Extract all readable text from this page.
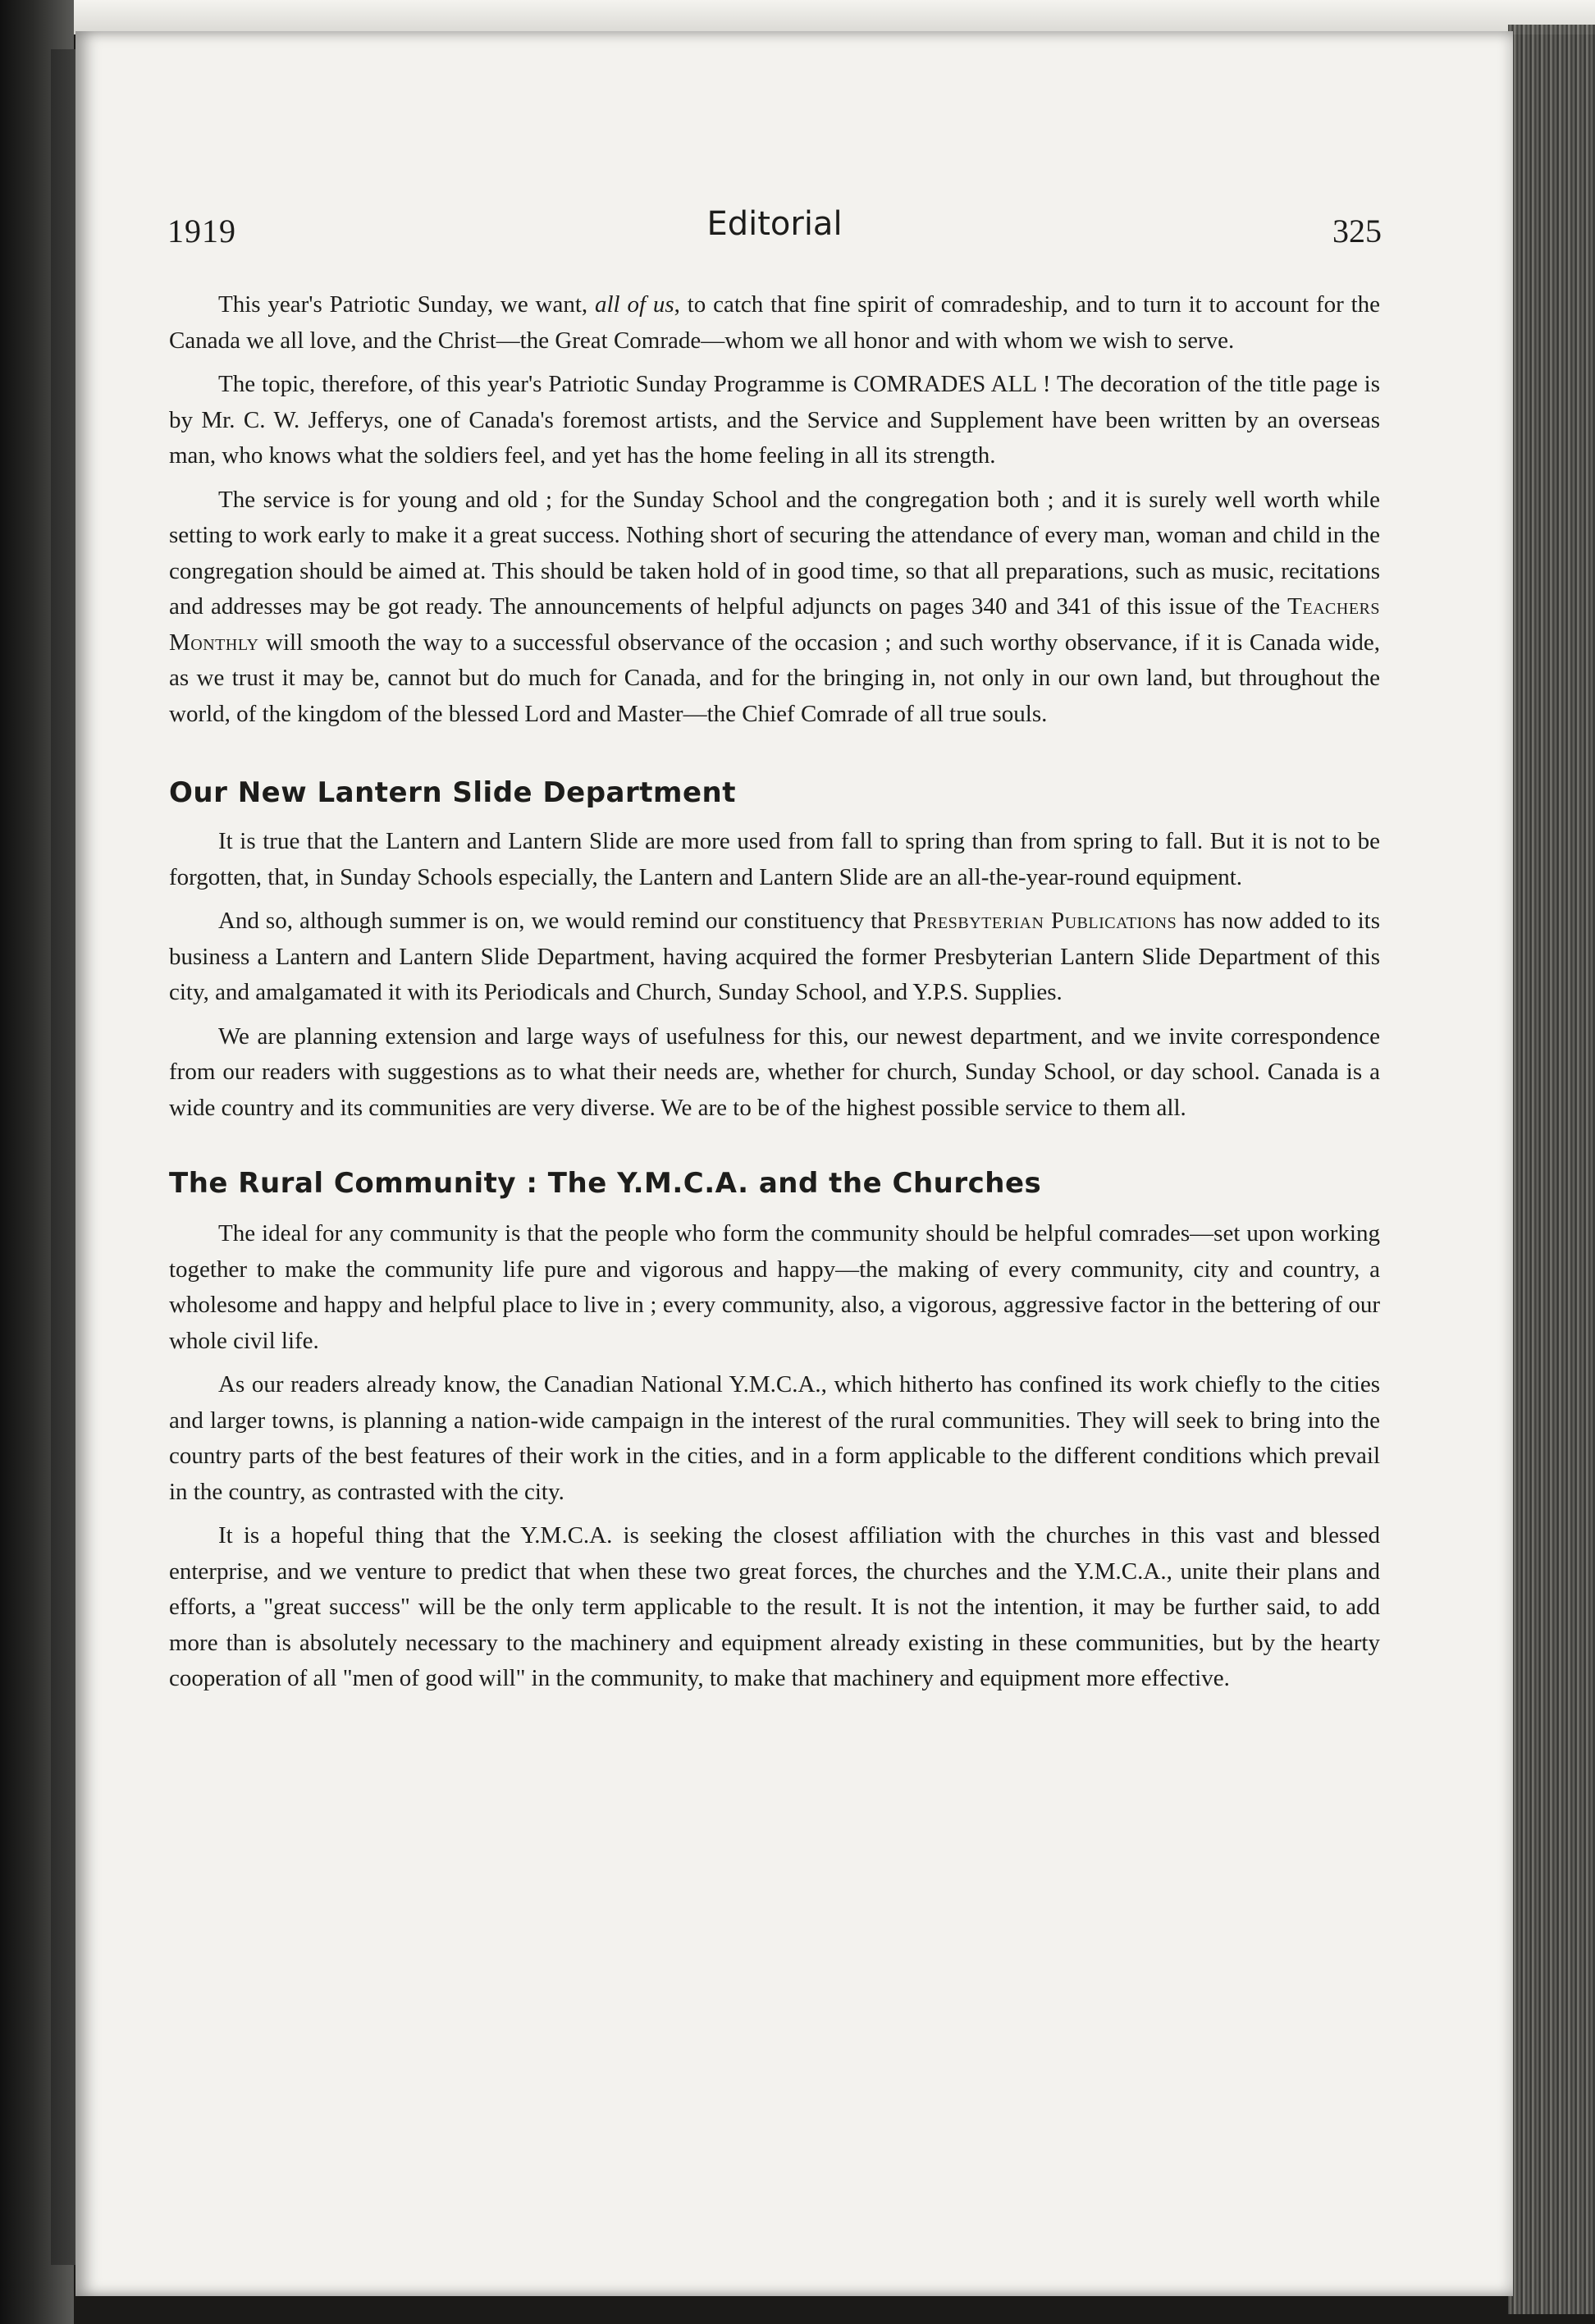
1919	Editorial	325

This year's Patriotic Sunday, we want, all of us, to catch that fine spirit of comradeship, and to turn it to account for the Canada we all love, and the Christ—the Great Comrade—whom we all honor and with whom we wish to serve.

The topic, therefore, of this year's Patriotic Sunday Programme is COMRADES ALL ! The decoration of the title page is by Mr. C. W. Jefferys, one of Canada's foremost artists, and the Service and Supplement have been written by an overseas man, who knows what the soldiers feel, and yet has the home feeling in all its strength.

The service is for young and old ; for the Sunday School and the congregation both ; and it is surely well worth while setting to work early to make it a great success. Nothing short of securing the attendance of every man, woman and child in the congregation should be aimed at. This should be taken hold of in good time, so that all preparations, such as music, recitations and addresses may be got ready. The announcements of helpful adjuncts on pages 340 and 341 of this issue of the Teachers Monthly will smooth the way to a successful observance of the occasion ; and such worthy observance, if it is Canada wide, as we trust it may be, cannot but do much for Canada, and for the bringing in, not only in our own land, but throughout the world, of the kingdom of the blessed Lord and Master—the Chief Comrade of all true souls.

Our New Lantern Slide Department

It is true that the Lantern and Lantern Slide are more used from fall to spring than from spring to fall. But it is not to be forgotten, that, in Sunday Schools especially, the Lantern and Lantern Slide are an all-the-year-round equipment.

And so, although summer is on, we would remind our constituency that Presbyterian Publications has now added to its business a Lantern and Lantern Slide Department, having acquired the former Presbyterian Lantern Slide Department of this city, and amalgamated it with its Periodicals and Church, Sunday School, and Y.P.S. Supplies.

We are planning extension and large ways of usefulness for this, our newest department, and we invite correspondence from our readers with suggestions as to what their needs are, whether for church, Sunday School, or day school. Canada is a wide country and its communities are very diverse. We are to be of the highest possible service to them all.

The Rural Community : The Y.M.C.A. and the Churches

The ideal for any community is that the people who form the community should be helpful comrades—set upon working together to make the community life pure and vigorous and happy—the making of every community, city and country, a wholesome and happy and helpful place to live in ; every community, also, a vigorous, aggressive factor in the bettering of our whole civil life.

As our readers already know, the Canadian National Y.M.C.A., which hitherto has confined its work chiefly to the cities and larger towns, is planning a nation-wide campaign in the interest of the rural communities. They will seek to bring into the country parts of the best features of their work in the cities, and in a form applicable to the different conditions which prevail in the country, as contrasted with the city.

It is a hopeful thing that the Y.M.C.A. is seeking the closest affiliation with the churches in this vast and blessed enterprise, and we venture to predict that when these two great forces, the churches and the Y.M.C.A., unite their plans and efforts, a "great success" will be the only term applicable to the result. It is not the intention, it may be further said, to add more than is absolutely necessary to the machinery and equipment already existing in these communities, but by the hearty cooperation of all "men of good will" in the community, to make that machinery and equipment more effective.
